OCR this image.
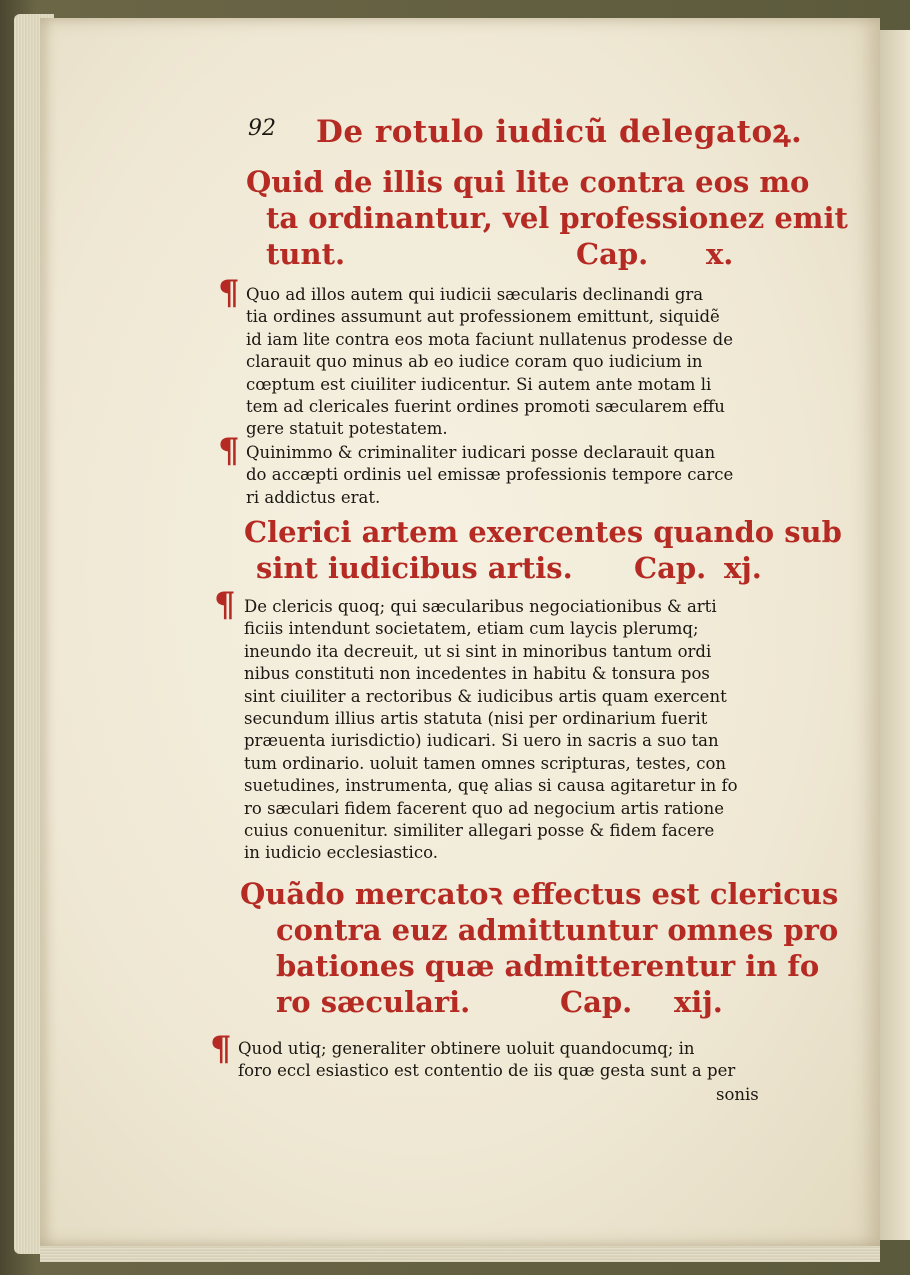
92 De rotulo iudicũ delegatoꝝ.
Quid de illis qui lite contra eos mo
ta ordinantur, vel professionez emit
tunt.	Cap. x.
¶ Quo ad illos autem qui iudicii sæcularis declinandi gra
tia ordines assumunt aut professionem emittunt, siquidẽ
id iam lite contra eos mota faciunt nullatenus prodesse de
clarauit quo minus ab eo iudice coram quo iudicium in
cœptum est ciuiliter iudicentur. Si autem ante motam li
tem ad clericales fuerint ordines promoti sæcularem effu
gere statuit potestatem.
¶ Quinimmo & criminaliter iudicari posse declarauit quan
do accæpti ordinis uel emissæ professionis tempore carce
ri addictus erat.
Clerici artem exercentes quando sub
sint iudicibus artis.	Cap. xj.
¶ De clericis quoq; qui sæcularibus negociationibus & arti
ficiis intendunt societatem, etiam cum laycis plerumq;
ineundo ita decreuit, ut si sint in minoribus tantum ordi
nibus constituti non incedentes in habitu & tonsura pos
sint ciuiliter a rectoribus & iudicibus artis quam exercent
secundum illius artis statuta (nisi per ordinarium fuerit
præuenta iurisdictio) iudicari. Si uero in sacris a suo tan
tum ordinario. uoluit tamen omnes scripturas, testes, con
suetudines, instrumenta, quę alias si causa agitaretur in fo
ro sæculari fidem facerent quo ad negocium artis ratione
cuius conuenitur. similiter allegari posse & fidem facere
in iudicio ecclesiastico.
Quãdo mercatoꝛ effectus est clericus
contra euz admittuntur omnes pro
bationes quæ admitterentur in fo
ro sæculari.	Cap. xij.
¶ Quod utiq; generaliter obtinere uoluit quandocumq; in
foro eccl esiastico est contentio de iis quæ gesta sunt a per
sonis
